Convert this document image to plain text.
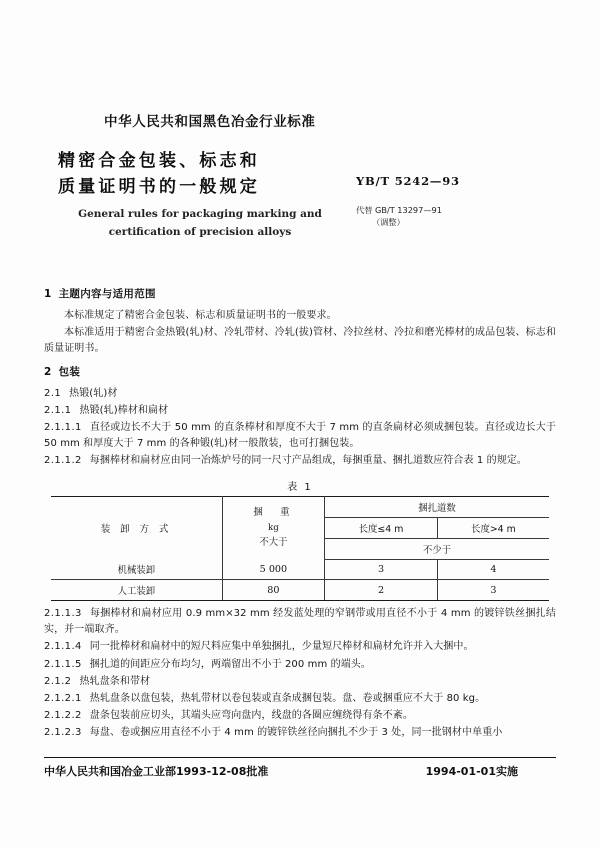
中华人民共和国黑色冶金行业标准
精密合金包装、标志和
质量证明书的一般规定
General rules for packaging marking and
certification of precision alloys
YB/T 5242—93
代替 GB/T 13297—91
（调整）
1 主题内容与适用范围
本标准规定了精密合金包装、标志和质量证明书的一般要求。
本标准适用于精密合金热锻(轧)材、冷轧带材、冷轧(拔)管材、冷拉丝材、冷拉和磨光棒材的成品包装、标志和质量证明书。
2 包装
2.1 热锻(轧)材
2.1.1 热锻(轧)棒材和扁材
2.1.1.1 直径或边长不大于 50 mm 的直条棒材和厚度不大于 7 mm 的直条扁材必须成捆包装。直径或边长大于 50 mm 和厚度大于 7 mm 的各种锻(轧)材一般散装，也可打捆包装。
2.1.1.2 每捆棒材和扁材应由同一冶炼炉号的同一尺寸产品组成，每捆重量、捆扎道数应符合表 1 的规定。
表 1
装 卸 方 式	捆　重
kg
不大于	捆扎道数	
		长度≤4 m	长度>4 m
		不少于	
机械装卸	5 000	3	4
人工装卸	80	2	3
2.1.1.3 每捆棒材和扁材应用 0.9 mm×32 mm 经发蓝处理的窄钢带或用直径不小于 4 mm 的镀锌铁丝捆扎结实，并一端取齐。
2.1.1.4 同一批棒材和扁材中的短尺料应集中单独捆扎，少量短尺棒材和扁材允许并入大捆中。
2.1.1.5 捆扎道的间距应分布均匀，两端留出不小于 200 mm 的端头。
2.1.2 热轧盘条和带材
2.1.2.1 热轧盘条以盘包装，热轧带材以卷包装或直条成捆包装。盘、卷或捆重应不大于 80 kg。
2.1.2.2 盘条包装前应切头，其端头应弯向盘内，线盘的各圈应缠绕得有条不紊。
2.1.2.3 每盘、卷或捆应用直径不小于 4 mm 的镀锌铁丝径向捆扎不少于 3 处，同一批钢材中单重小
中华人民共和国冶金工业部1993-12-08批准	1994-01-01实施
